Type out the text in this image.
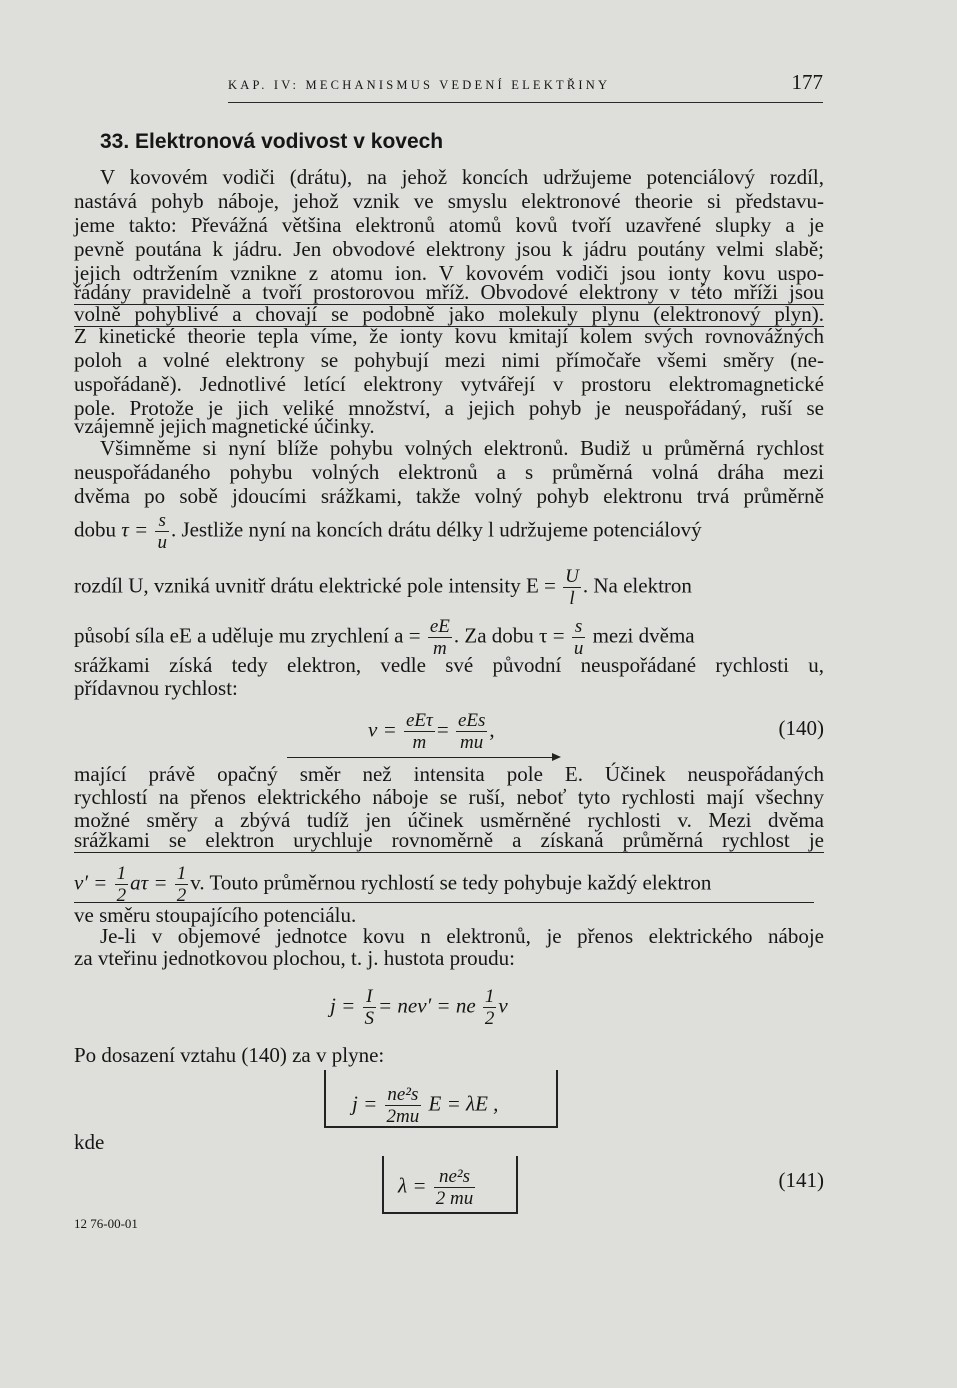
KAP. IV: MECHANISMUS VEDENÍ ELEKTŘINY	177
33. Elektronová vodivost v kovech
V kovovém vodiči (drátu), na jehož koncích udržujeme potenciálový rozdíl,
nastává pohyb náboje, jehož vznik ve smyslu elektronové theorie si představu-
jeme takto: Převážná většina elektronů atomů kovů tvoří uzavřené slupky a je
pevně poutána k jádru. Jen obvodové elektrony jsou k jádru poutány velmi slabě;
jejich odtržením vznikne z atomu ion. V kovovém vodiči jsou ionty kovu uspo-
řádány pravidelně a tvoří prostorovou mříž. Obvodové elektrony v této mříži jsou
volně pohyblivé a chovají se podobně jako molekuly plynu (elektronový plyn).
Z kinetické theorie tepla víme, že ionty kovu kmitají kolem svých rovnovážných
poloh a volné elektrony se pohybují mezi nimi přímočaře všemi směry (ne-
uspořádaně). Jednotlivé letící elektrony vytvářejí v prostoru elektromagnetické
pole. Protože je jich veliké množství, a jejich pohyb je neuspořádaný, ruší se
vzájemně jejich magnetické účinky.
Všimněme si nyní blíže pohybu volných elektronů. Budiž u průměrná rychlost
neuspořádaného pohybu volných elektronů a s průměrná volná dráha mezi
dvěma po sobě jdoucími srážkami, takže volný pohyb elektronu trvá průměrně
dobu $\tau = \frac{s}{u}$ . Jestliže nyní na koncích drátu délky l udržujeme potenciálový
rozdíl U, vzniká uvnitř drátu elektrické pole intensity $E = \frac{U}{l}$ . Na elektron
působí síla eE a uděluje mu zrychlení $a = \frac{eE}{m}$ . Za dobu $\tau = \frac{s}{u}$ mezi dvěma
srážkami získá tedy elektron, vedle své původní neuspořádané rychlosti u,
přídavnou rychlost:
$v = \frac{\text{eEτ}}{m} = \frac{\text{eEs}}{mu}$ ,	(140)
mající právě opačný směr než intensita pole E. Účinek neuspořádaných
rychlostí na přenos elektrického náboje se ruší, neboť tyto rychlosti mají všechny
možné směry a zbývá tudíž jen účinek usměrněné rychlosti v. Mezi dvěma
srážkami se elektron urychluje rovnoměrně a získaná průměrná rychlost je
$v' = \frac{1}{2}$ $a\tau = \frac{1}{2} v$. Touto průměrnou rychlostí se tedy pohybuje každý elektron
ve směru stoupajícího potenciálu.
Je-li v objemové jednotce kovu n elektronů, je přenos elektrického náboje
za vteřinu jednotkovou plochou, t. j. hustota proudu:
$j = \frac{I}{S} = nev'$ = ne $\frac{1}{2}$ v
Po dosazení vztahu (140) za v plyne:
$j = \frac{\text{ne²s}}{2mu}$ E = λE ,
kde
$\lambda = \frac{\text{ne²s}}{2 mu}$	(141)
12 76-00-01
